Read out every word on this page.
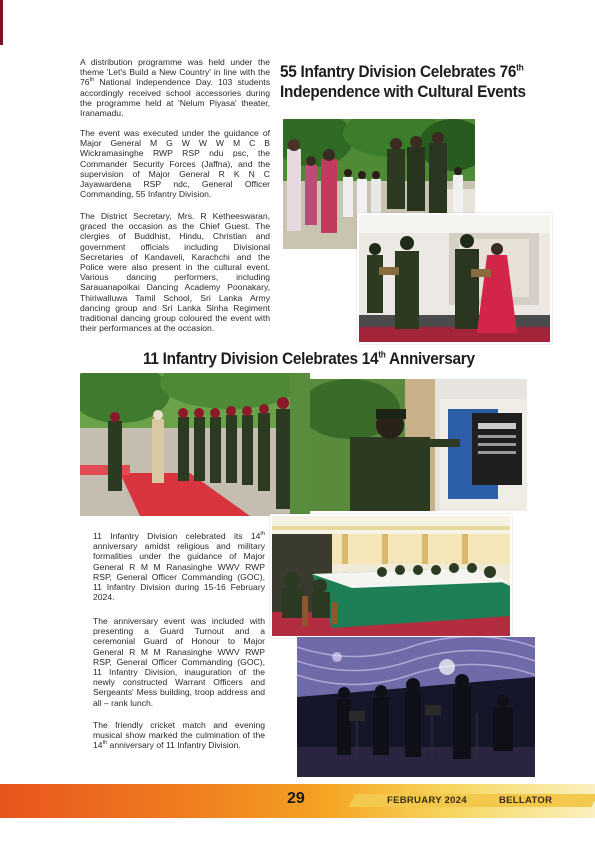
A distribution programme was held under the theme 'Let's Build a New Country' in line with the 76th National Independence Day. 103 students accordingly received school accessories during the programme held at 'Nelum Piyasa' theater, Iranamadu.

The event was executed under the guidance of Major General M G W W W M C B Wickramasinghe RWP RSP ndu psc, the Commander Security Forces (Jaffna), and the supervision of Major General R K N C Jayawardena RSP ndc, General Officer Commanding, 55 Infantry Division.

The District Secretary, Mrs. R Ketheeswaran, graced the occasion as the Chief Guest. The clergies of Buddhist, Hindu, Christian and government officials including Divisional Secretaries of Kandaveli, Karachchi and the Police were also present in the cultural event. Various dancing performers, including Sarauanapoikai Dancing Academy Poonakary, Thiriwalluwa Tamil School, Sri Lanka Army dancing group and Sri Lanka Sinha Regiment traditional dancing group coloured the event with their performances at the occasion.

55 Infantry Division Celebrates 76th
Independence with Cultural Events
11 Infantry Division Celebrates 14th Anniversary

11 Infantry Division celebrated its 14th anniversary amidst religious and military formalities under the guidance of Major General R M M Ranasinghe WWV RWP RSP, General Officer Commanding (GOC), 11 Infantry Division during 15-16 February 2024.

The anniversary event was included with presenting a Guard Turnout and a ceremonial Guard of Honour to Major General R M M Ranasinghe WWV RWP RSP, General Officer Commanding (GOC), 11 Infantry Division, inauguration of the newly constructed Warrant Officers and Sergeants' Mess building, troop address and all – rank lunch.

The friendly cricket match and evening musical show marked the culmination of the 14th anniversary of 11 Infantry Division.

29	FEBRUARY 2024	BELLATOR
